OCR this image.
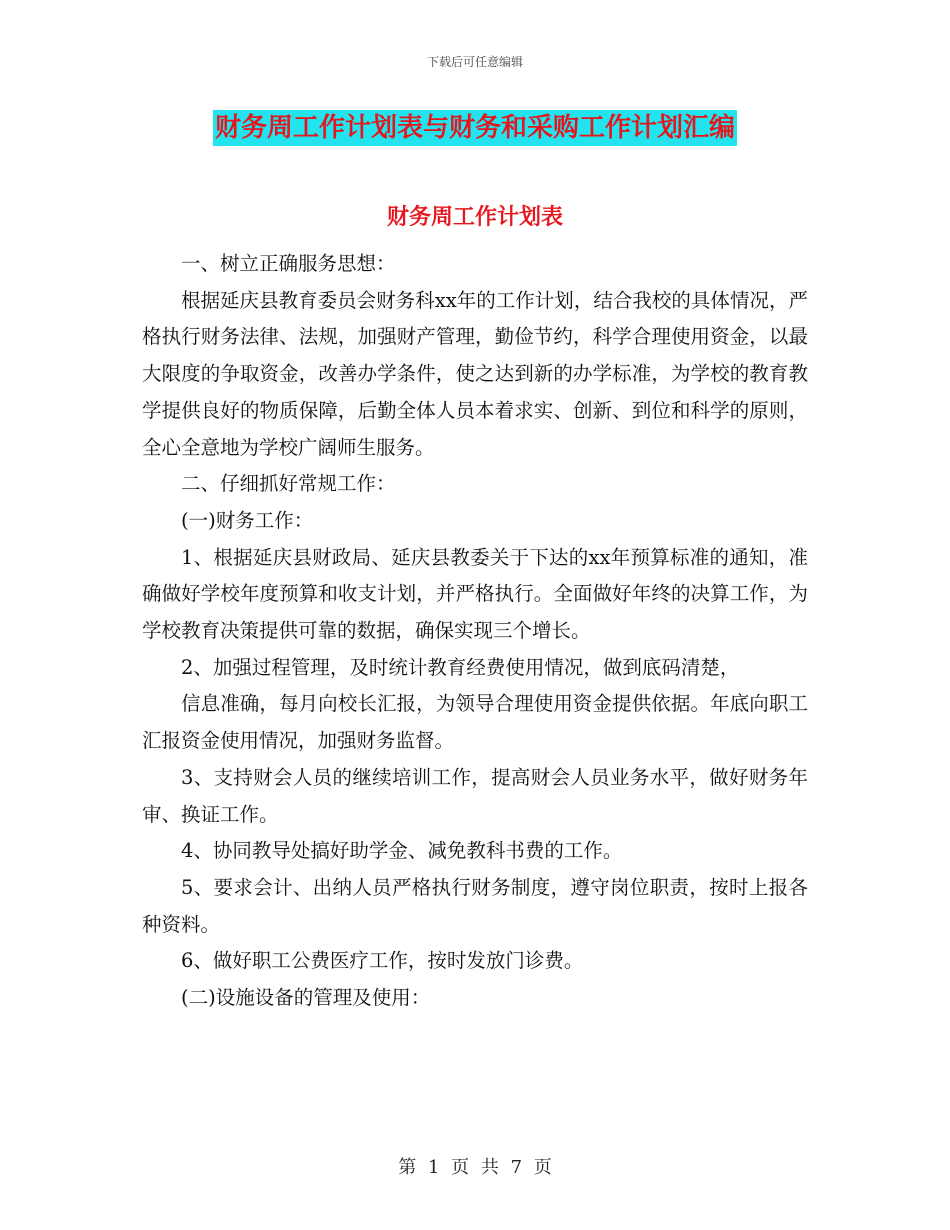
下载后可任意编辑
财务周工作计划表与财务和采购工作计划汇编
财务周工作计划表

一、树立正确服务思想：

根据延庆县教育委员会财务科xx年的工作计划，结合我校的具体情况，严格执行财务法律、法规，加强财产管理，勤俭节约，科学合理使用资金，以最大限度的争取资金，改善办学条件，使之达到新的办学标准，为学校的教育教学提供良好的物质保障，后勤全体人员本着求实、创新、到位和科学的原则，全心全意地为学校广阔师生服务。

二、仔细抓好常规工作：

(一)财务工作：

1、根据延庆县财政局、延庆县教委关于下达的xx年预算标准的通知，准确做好学校年度预算和收支计划，并严格执行。全面做好年终的决算工作，为学校教育决策提供可靠的数据，确保实现三个增长。

2、加强过程管理，及时统计教育经费使用情况，做到底码清楚，

信息准确，每月向校长汇报，为领导合理使用资金提供依据。年底向职工汇报资金使用情况，加强财务监督。

3、支持财会人员的继续培训工作，提高财会人员业务水平，做好财务年审、换证工作。

4、协同教导处搞好助学金、减免教科书费的工作。

5、要求会计、出纳人员严格执行财务制度，遵守岗位职责，按时上报各种资料。

6、做好职工公费医疗工作，按时发放门诊费。

(二)设施设备的管理及使用：

第 1 页 共 7 页
